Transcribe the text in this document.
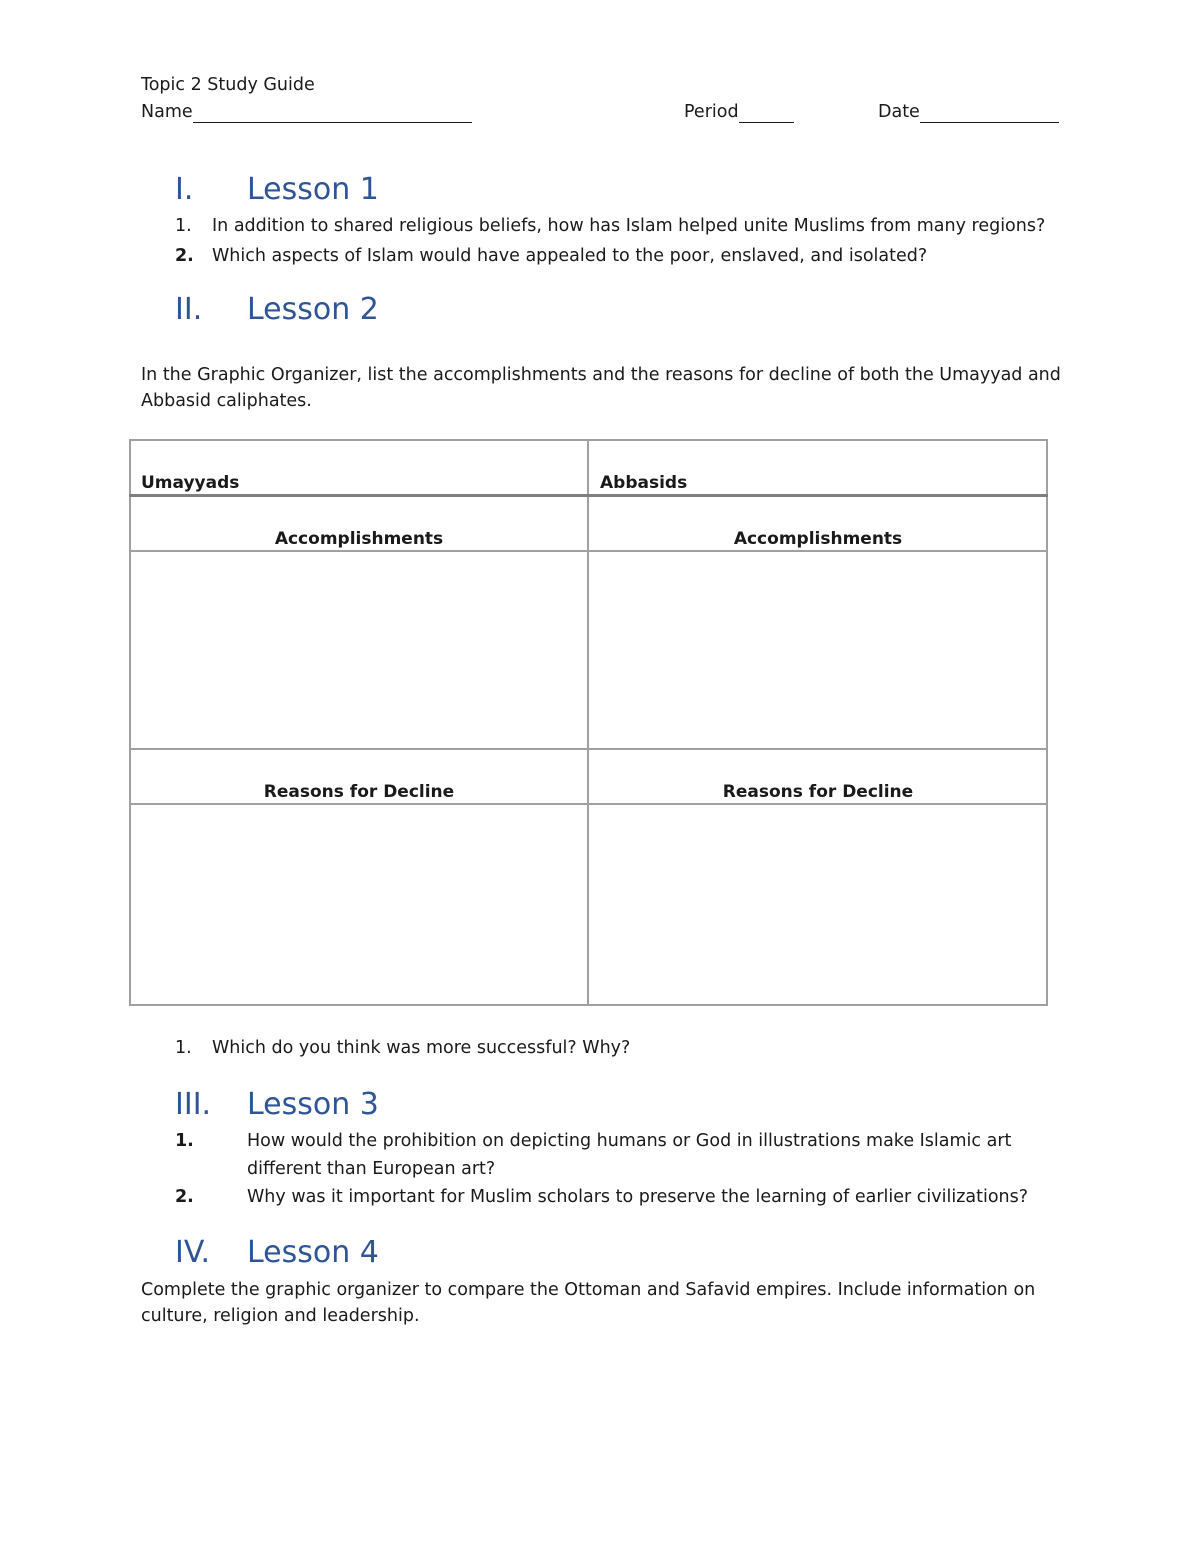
Topic 2 Study Guide
Name	Period	Date
I. Lesson 1
1. In addition to shared religious beliefs, how has Islam helped unite Muslims from many regions?
2. Which aspects of Islam would have appealed to the poor, enslaved, and isolated?
II. Lesson 2
In the Graphic Organizer, list the accomplishments and the reasons for decline of both the Umayyad and Abbasid caliphates.
Umayyads	Abbasids
Accomplishments	Accomplishments
Reasons for Decline	Reasons for Decline
1. Which do you think was more successful? Why?
III. Lesson 3
1.	How would the prohibition on depicting humans or God in illustrations make Islamic art
different than European art?
2.	Why was it important for Muslim scholars to preserve the learning of earlier civilizations?
IV. Lesson 4
Complete the graphic organizer to compare the Ottoman and Safavid empires. Include information on culture, religion and leadership.
